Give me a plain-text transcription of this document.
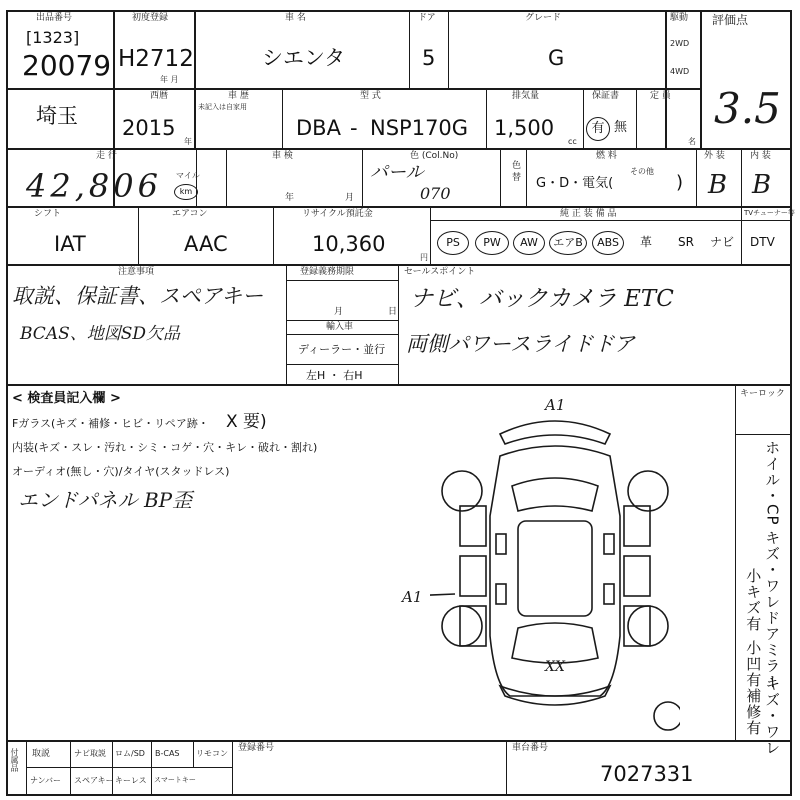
出品番号
[1323]
20079
初度登録
H2712
年 月
車 名
シエンタ
ドア
5
グレード
G
駆動
2WD
4WD
評価点
3.5
埼玉
西暦
2015
年
車 歴
未記入は自家用
型 式
DBA - NSP170G
排気量
1,500
cc
保証書
有 無
定 員
名
走 行
42,806 マイル
km
車 検
年	月
色 (Col.No)
パール
070
色 替
燃 料
G・D・電気(
その他
)
外 装
B
内 装
B
シフト
IAT
エアコン
AAC
リサイクル預託金
10,360
円
純 正 装 備 品	TVチューナー等
PS	PW	AW	エアB	ABS	革 SR ナビ DTV
注意事項
取説、保証書、スペアキー
BCAS、地図SD欠品
登録義務期限
月	日
輸入車
ディーラー・並行
左H ・ 右H
セールスポイント
ナビ、バックカメラ ETC
両側パワースライドドア
< 検査員記入欄 >
Fガラス(キズ・補修・ヒビ・リペア跡・ X 要)
内装(キズ・スレ・汚れ・シミ・コゲ・穴・キレ・破れ・割れ)
オーディオ(無し・穴)/タイヤ(スタッドレス)
エンドパネル BP歪
キーロック
A1
A1
XX
ホイル・CP
キズ・ワレ
ドアミラー
キズ・ワレ
小キズ有
小凹有
補修有
付属品 取説	ナビ取説 ロム/SD B-CAS リモコン
ナンバー スペアキー キーレス スマートキー
登録番号	車台番号
7027331
